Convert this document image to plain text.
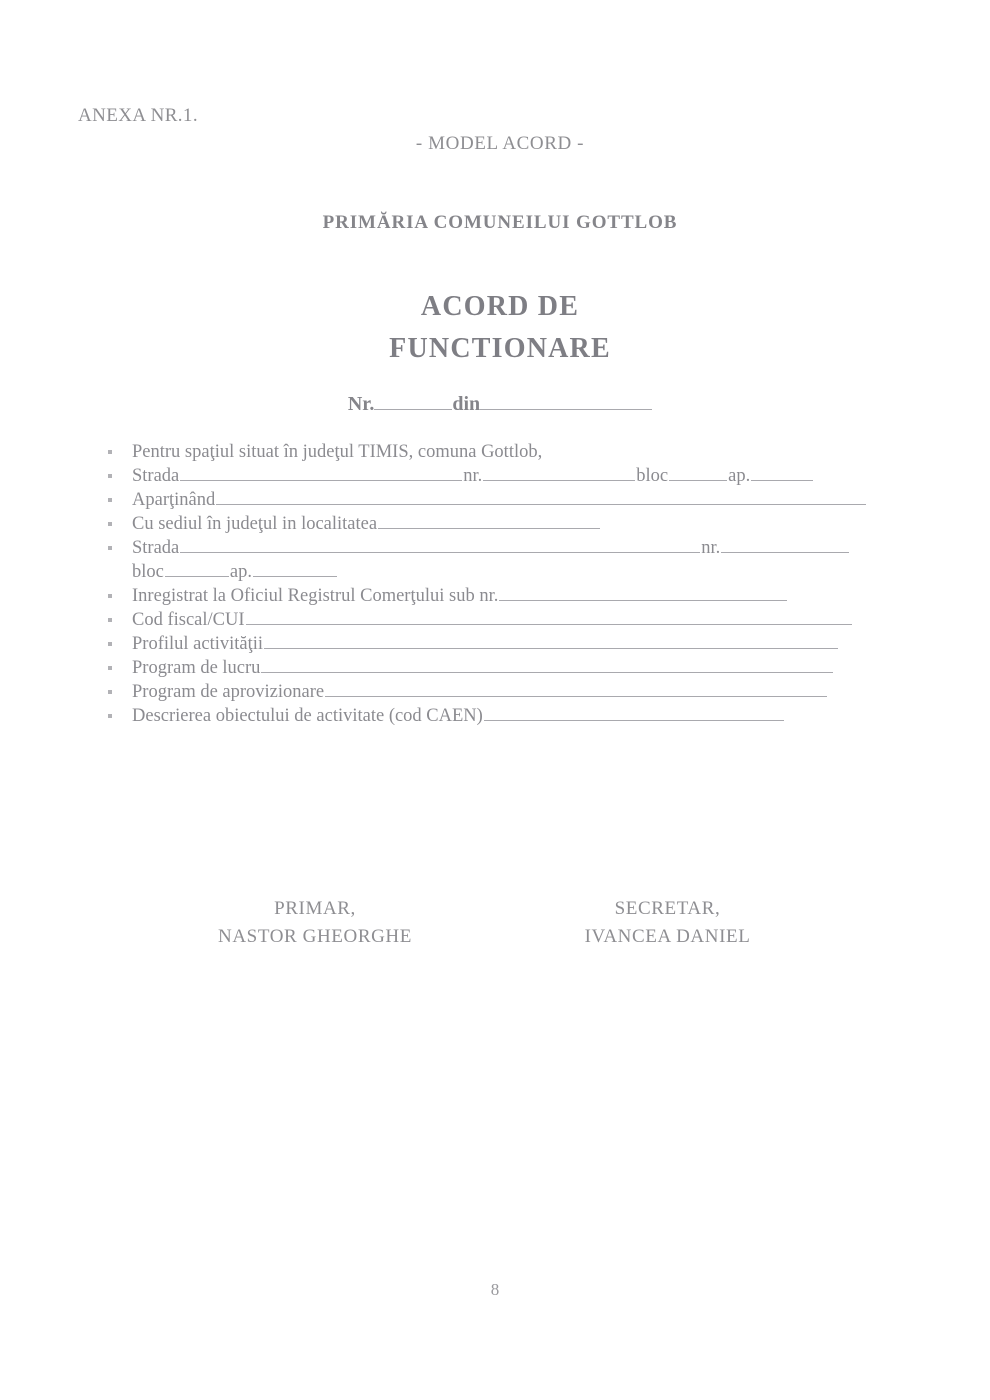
ANEXA NR.1.
- MODEL ACORD -
PRIMĂRIA COMUNEILUI GOTTLOB
ACORD DE
FUNCTIONARE
Nr.	din
Pentru spaţiul situat în judeţul TIMIS, comuna Gottlob,
Strada	nr.	bloc	ap.
Aparţinând
Cu sediul în judeţul in localitatea
Strada	nr.
bloc	ap.
Inregistrat la Oficiul Registrul Comerţului sub nr.
Cod fiscal/CUI
Profilul activităţii
Program de lucru
Program de aprovizionare
Descrierea obiectului de activitate (cod CAEN)
PRIMAR,
NASTOR GHEORGHE
SECRETAR,
IVANCEA DANIEL
8
